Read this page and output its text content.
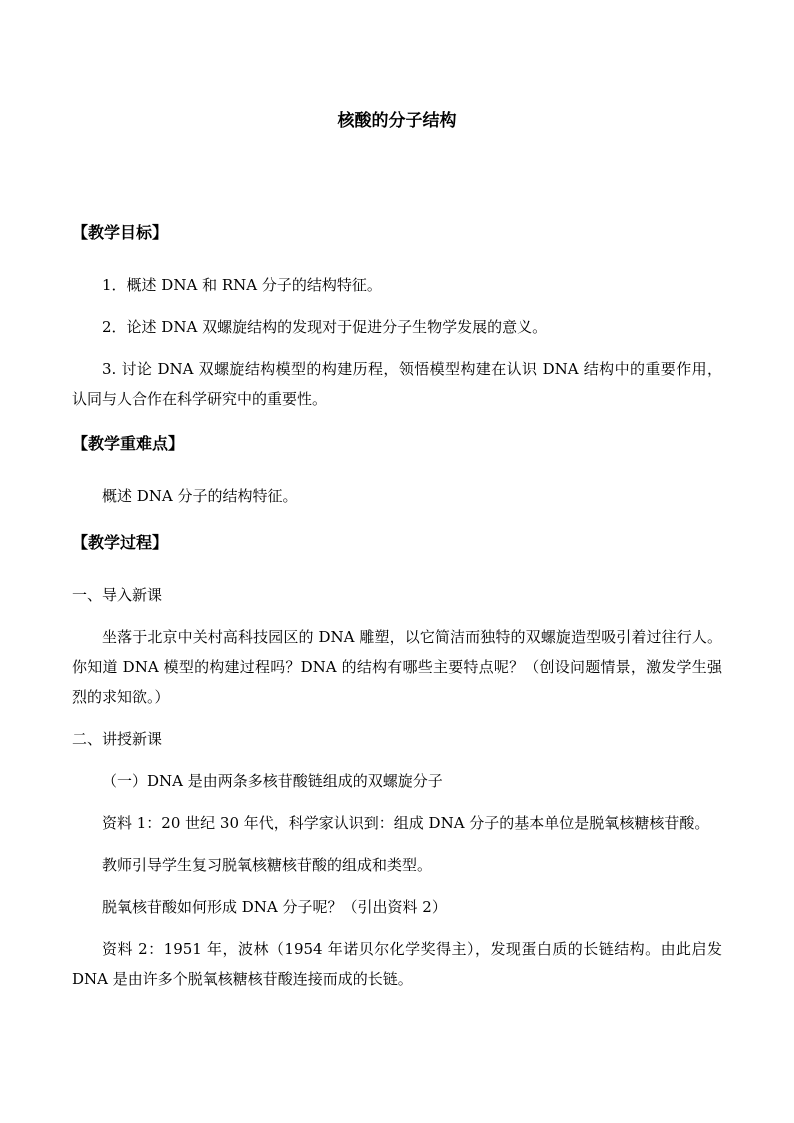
核酸的分子结构
【教学目标】
1．概述 DNA 和 RNA 分子的结构特征。
2．论述 DNA 双螺旋结构的发现对于促进分子生物学发展的意义。
3. 讨论 DNA 双螺旋结构模型的构建历程，领悟模型构建在认识 DNA 结构中的重要作用，认同与人合作在科学研究中的重要性。
【教学重难点】
概述 DNA 分子的结构特征。
【教学过程】
一、导入新课
坐落于北京中关村高科技园区的 DNA 雕塑，以它简洁而独特的双螺旋造型吸引着过往行人。你知道 DNA 模型的构建过程吗？DNA 的结构有哪些主要特点呢？（创设问题情景，激发学生强烈的求知欲。）
二、讲授新课
（一）DNA 是由两条多核苷酸链组成的双螺旋分子
资料 1：20 世纪 30 年代，科学家认识到：组成 DNA 分子的基本单位是脱氧核糖核苷酸。
教师引导学生复习脱氧核糖核苷酸的组成和类型。
脱氧核苷酸如何形成 DNA 分子呢？（引出资料 2）
资料 2：1951 年，波林（1954 年诺贝尔化学奖得主），发现蛋白质的长链结构。由此启发 DNA 是由许多个脱氧核糖核苷酸连接而成的长链。
